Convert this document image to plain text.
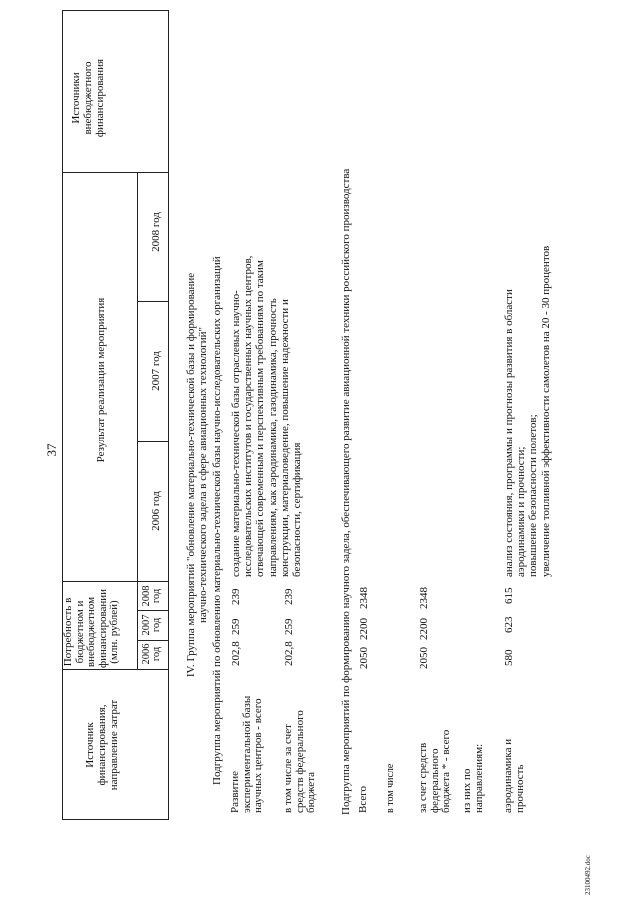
37
Источник финансирования, направление затрат
Потребность в бюджетном и внебюджетном финансировании (млн. рублей) 2006 год
2007 год
2008 год
Результат реализации мероприятия
2006 год
2007 год
2008 год
Источники внебюджетного финансирования
IV. Группа мероприятий "обновление материально-технической базы и формирование научно-технического задела в сфере авиационных технологий" Подгруппа мероприятий по обновлению материально-технической базы научно-исследовательских организаций
Развитие экспериментальной базы научных центров - всего
202,8
259
239
создание материально-технической базы отраслевых научно- исследовательских институтов и государственных научных центров, отвечающей современным и перспективным требованиям по таким направлениям, как аэродинамика, газодинамика, прочность конструкции, материаловедение, повышение надежности и безопасности, сертификация
в том числе за счет средств федерального бюджета
202,8
259
239	Подгруппа мероприятий по формированию научного задела, обеспечивающего развитие авиационной техники российского производства Всего
2050
2200
2348
в том числе за счет средств федерального бюджета * - всего
2050
2200
2348
из них по направлениям: аэродинамика и прочность
580
623
615
анализ состояния, программы и прогнозы развития в области аэродинамики и прочности; повышение безопасности полетов; увеличение топливной эффективности самолетов на 20 - 30 процентов
23100492.doc
